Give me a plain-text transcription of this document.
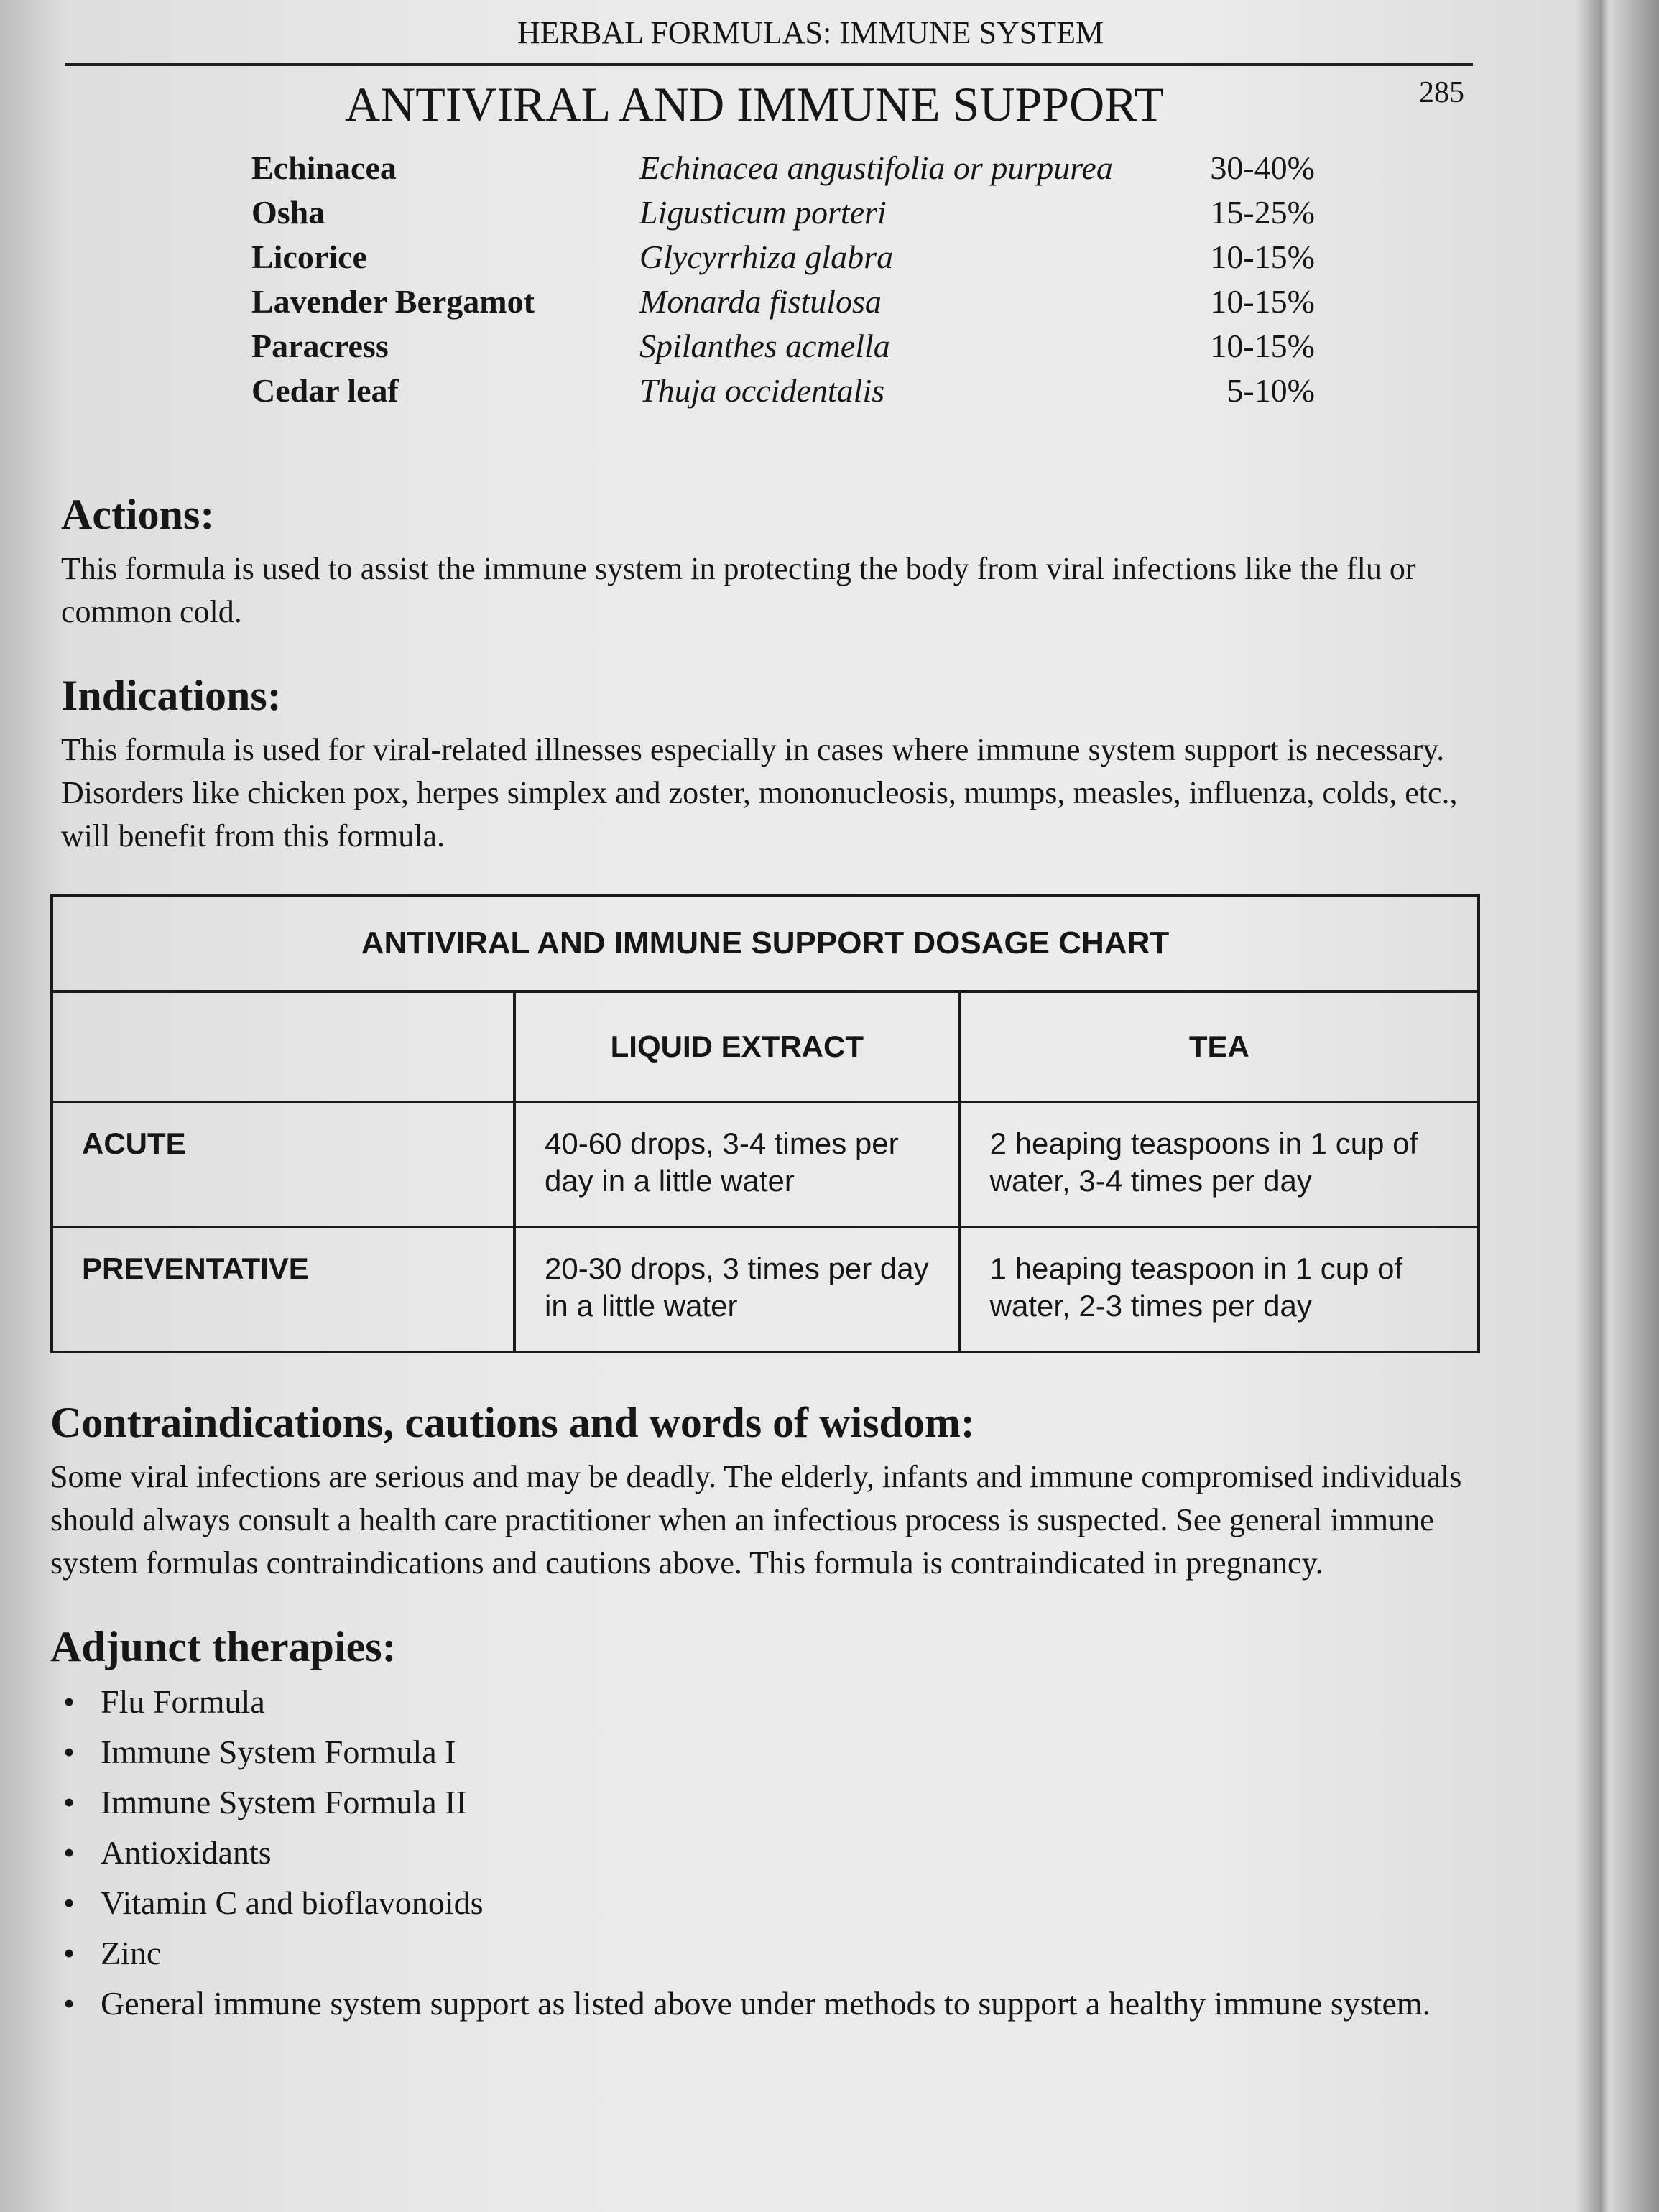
HERBAL FORMULAS: IMMUNE SYSTEM
285
ANTIVIRAL AND IMMUNE SUPPORT
Echinacea	Echinacea angustifolia or purpurea	30-40%
Osha	Ligusticum porteri	15-25%
Licorice	Glycyrrhiza glabra	10-15%
Lavender Bergamot	Monarda fistulosa	10-15%
Paracress	Spilanthes acmella	10-15%
Cedar leaf	Thuja occidentalis	5-10%
Actions:

This formula is used to assist the immune system in protecting the body from viral infections like the flu or common cold.

Indications:

This formula is used for viral-related illnesses especially in cases where immune system support is necessary. Disorders like chicken pox, herpes simplex and zoster, mononucleosis, mumps, measles, influenza, colds, etc., will benefit from this formula.

ANTIVIRAL AND IMMUNE SUPPORT DOSAGE CHART		
	LIQUID EXTRACT	TEA
ACUTE	40-60 drops, 3-4 times per day in a little water	2 heaping teaspoons in 1 cup of water, 3-4 times per day
PREVENTATIVE	20-30 drops, 3 times per day in a little water	1 heaping teaspoon in 1 cup of water, 2-3 times per day
Contraindications, cautions and words of wisdom:

Some viral infections are serious and may be deadly. The elderly, infants and immune compromised individuals should always consult a health care practitioner when an infectious process is suspected. See general immune system formulas contraindications and cautions above. This formula is contraindicated in pregnancy.

Adjunct therapies:
• Flu Formula
• Immune System Formula I
• Immune System Formula II
• Antioxidants
• Vitamin C and bioflavonoids
• Zinc
• General immune system support as listed above under methods to support a healthy immune system.
